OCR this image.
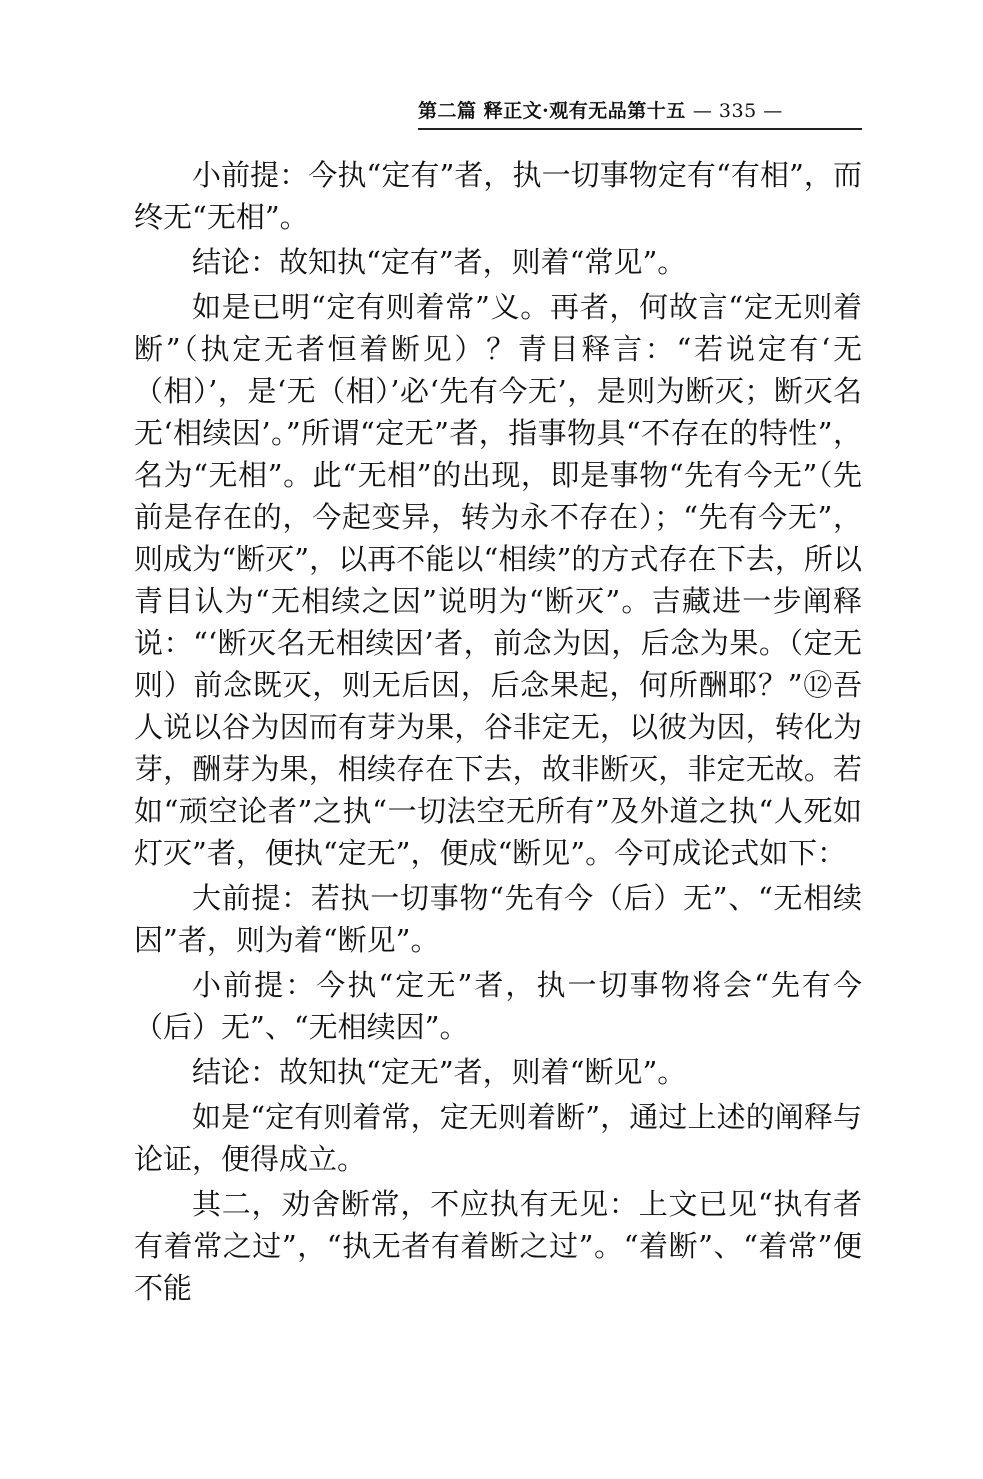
第二篇 释正文·观有无品第十五 — 335 —

小前提：今执“定有”者，执一切事物定有“有相”，而终无“无相”。

结论：故知执“定有”者，则着“常见”。

如是已明“定有则着常”义。再者，何故言“定无则着断”（执定无者恒着断见）？青目释言：“若说定有‘无（相）’，是‘无（相）’必‘先有今无’，是则为断灭；断灭名无‘相续因’。”所谓“定无”者，指事物具“不存在的特性”，名为“无相”。此“无相”的出现，即是事物“先有今无”（先前是存在的，今起变异，转为永不存在）；“先有今无”，则成为“断灭”，以再不能以“相续”的方式存在下去，所以青目认为“无相续之因”说明为“断灭”。吉藏进一步阐释说：“‘断灭名无相续因’者，前念为因，后念为果。（定无则）前念既灭，则无后因，后念果起，何所酬耶？”⑫吾人说以谷为因而有芽为果，谷非定无，以彼为因，转化为芽，酬芽为果，相续存在下去，故非断灭，非定无故。若如“顽空论者”之执“一切法空无所有”及外道之执“人死如灯灭”者，便执“定无”，便成“断见”。今可成论式如下：

大前提：若执一切事物“先有今（后）无”、“无相续因”者，则为着“断见”。

小前提：今执“定无”者，执一切事物将会“先有今（后）无”、“无相续因”。

结论：故知执“定无”者，则着“断见”。

如是“定有则着常，定无则着断”，通过上述的阐释与论证，便得成立。

其二，劝舍断常，不应执有无见：上文已见“执有者有着常之过”，“执无者有着断之过”。“着断”、“着常”便不能
